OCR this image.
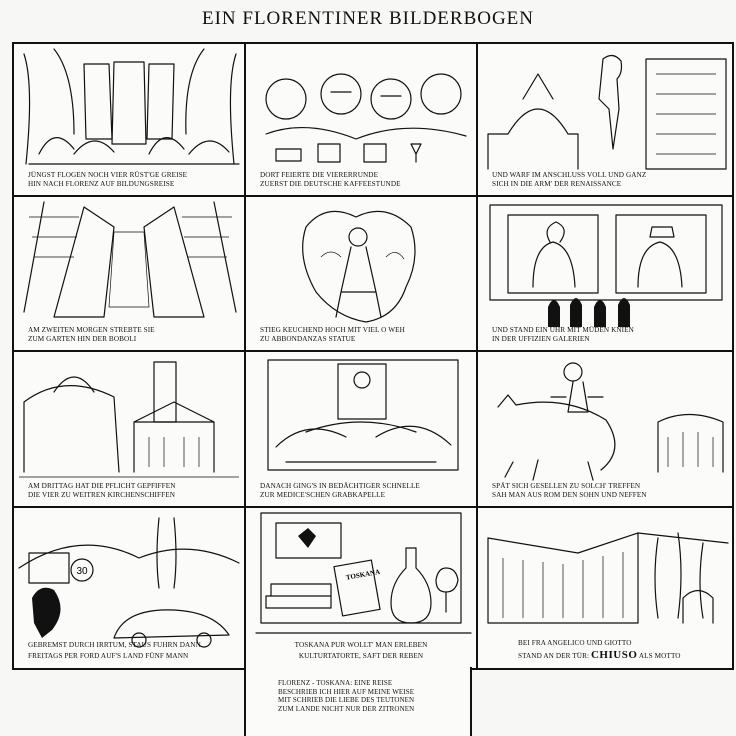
EIN FLORENTINER BILDERBOGEN
JÜNGST FLOGEN NOCH VIER RÜST'GE GREISE
HIN NACH FLORENZ AUF BILDUNGSREISE
DORT FEIERTE DIE VIERERRUNDE
ZUERST DIE DEUTSCHE KAFFEESTUNDE
UND WARF IM ANSCHLUSS VOLL UND GANZ
SICH IN DIE ARM' DER RENAISSANCE
AM ZWEITEN MORGEN STREBTE SIE
ZUM GARTEN HIN DER BOBOLI
STIEG KEUCHEND HOCH MIT VIEL O WEH
ZU ABBONDANZAS STATUE
UND STAND EIN UHR MIT MÜDEN KNIEN
IN DER UFFIZIEN GALERIEN
AM DRITTAG HAT DIE PFLICHT GEPFIFFEN
DIE VIER ZU WEITREN KIRCHENSCHIFFEN
DANACH GING'S IN BEDÄCHTIGER SCHNELLE
ZUR MEDICE'SCHEN GRABKAPELLE
SPÄT SICH GESELLEN ZU SOLCH' TREFFEN
SAH MAN AUS ROM DEN SOHN UND NEFFEN
30
GEBREMST DURCH IRRTUM, STAUS FUHRN DANN
FREITAGS PER FORD AUF'S LAND FÜNF MANN
TOSKANA
TOSKANA PUR WOLLT' MAN ERLEBEN
KULTURTATORTE, SAFT DER REBEN
BEI FRA ANGELICO UND GIOTTO
STAND AN DER TÜR: CHIUSO ALS MOTTO
FLORENZ - TOSKANA: EINE REISE
BESCHRIEB ICH HIER AUF MEINE WEISE
MIT SCHRIEB DIE LIEBE DES TEUTONEN
ZUM LANDE NICHT NUR DER ZITRONEN
